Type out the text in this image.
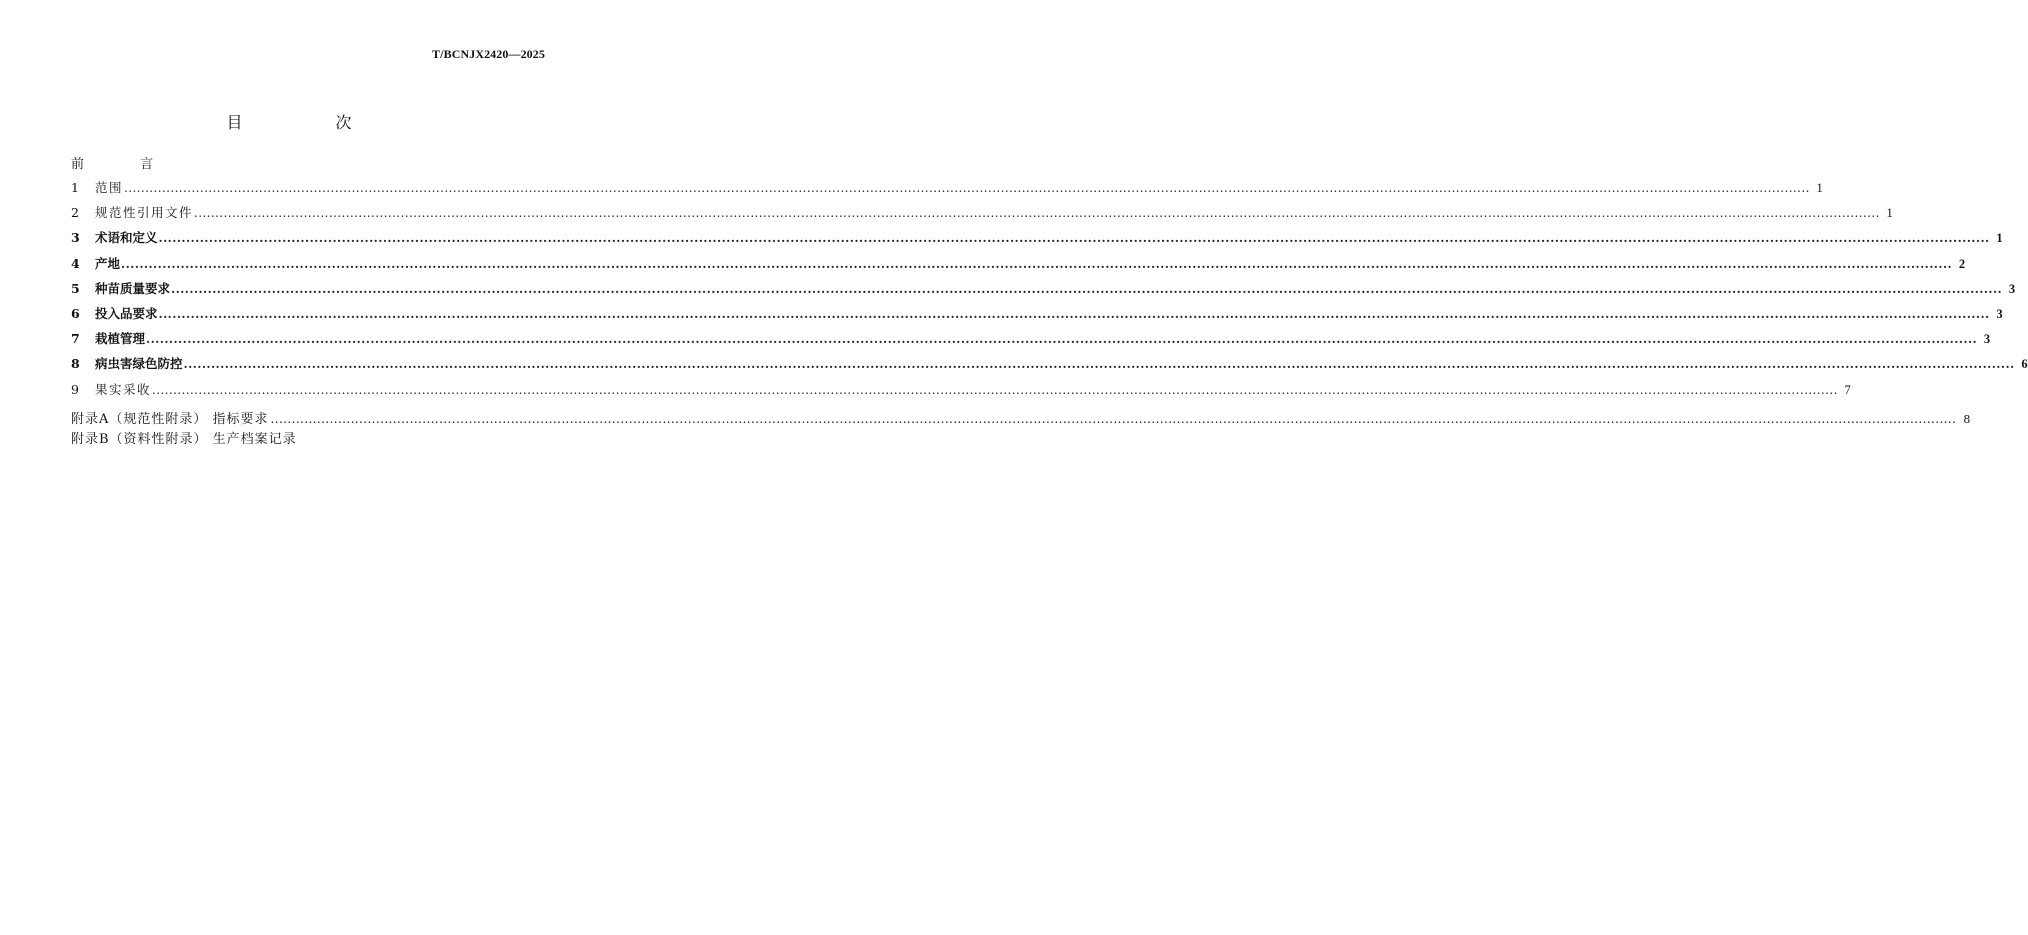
T/BCNJX2420—2025
目 次
前 言
1	范围 ................................................................................................................................................................................................................................................................................................................................................................................................................ 1
2	规范性引用文件 ................................................................................................................................................................................................................................................................................................................................................................................................................ 1
3	术语和定义 ................................................................................................................................................................................................................................................................................................................................................................................................................ 1
4	产地 ................................................................................................................................................................................................................................................................................................................................................................................................................ 2
5	种苗质量要求 ................................................................................................................................................................................................................................................................................................................................................................................................................ 3
6	投入品要求 ................................................................................................................................................................................................................................................................................................................................................................................................................ 3
7	栽植管理 ................................................................................................................................................................................................................................................................................................................................................................................................................ 3
8	病虫害绿色防控 ................................................................................................................................................................................................................................................................................................................................................................................................................ 6
9	果实采收 ................................................................................................................................................................................................................................................................................................................................................................................................................ 7
附录A（规范性附录） 指标要求 ................................................................................................................................................................................................................................................................................................................................................................................................................ 8
附录B（资料性附录） 生产档案记录
